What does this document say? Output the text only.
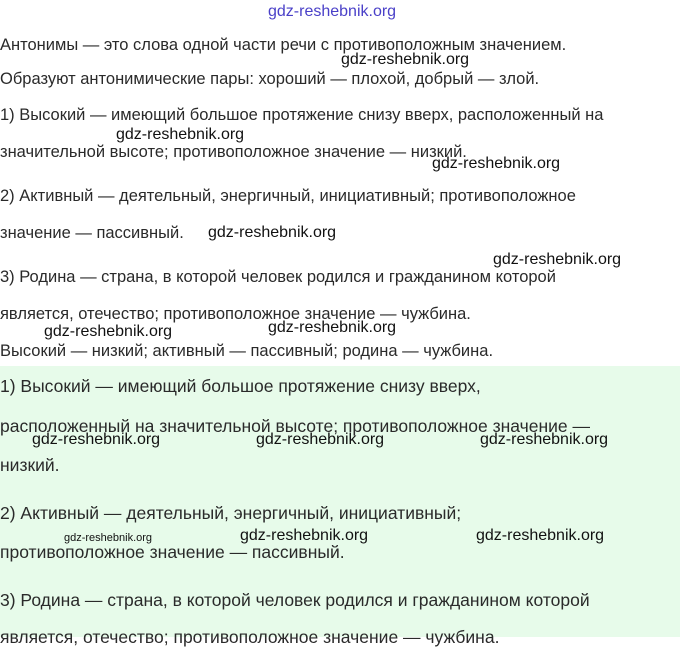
gdz-reshebnik.org
Антонимы — это слова одной части речи с противоположным значением.
Образуют антонимические пары: хороший — плохой, добрый — злой.
1) Высокий — имеющий большое протяжение снизу вверх, расположенный на
значительной высоте; противоположное значение — низкий.
2) Активный — деятельный, энергичный, инициативный; противоположное
значение — пассивный.
3) Родина — страна, в которой человек родился и гражданином которой
является, отечество; противоположное значение — чужбина.
Высокий — низкий; активный — пассивный; родина — чужбина.
1) Высокий — имеющий большое протяжение снизу вверх,
расположенный на значительной высоте; противоположное значение —
низкий.
2) Активный — деятельный, энергичный, инициативный;
противоположное значение — пассивный.
3) Родина — страна, в которой человек родился и гражданином которой
является, отечество; противоположное значение — чужбина.
gdz-reshebnik.org
gdz-reshebnik.org
gdz-reshebnik.org
gdz-reshebnik.org
gdz-reshebnik.org
gdz-reshebnik.org
gdz-reshebnik.org
gdz-reshebnik.org	gdz-reshebnik.org	gdz-reshebnik.org
gdz-reshebnik.org	gdz-reshebnik.org	gdz-reshebnik.org
